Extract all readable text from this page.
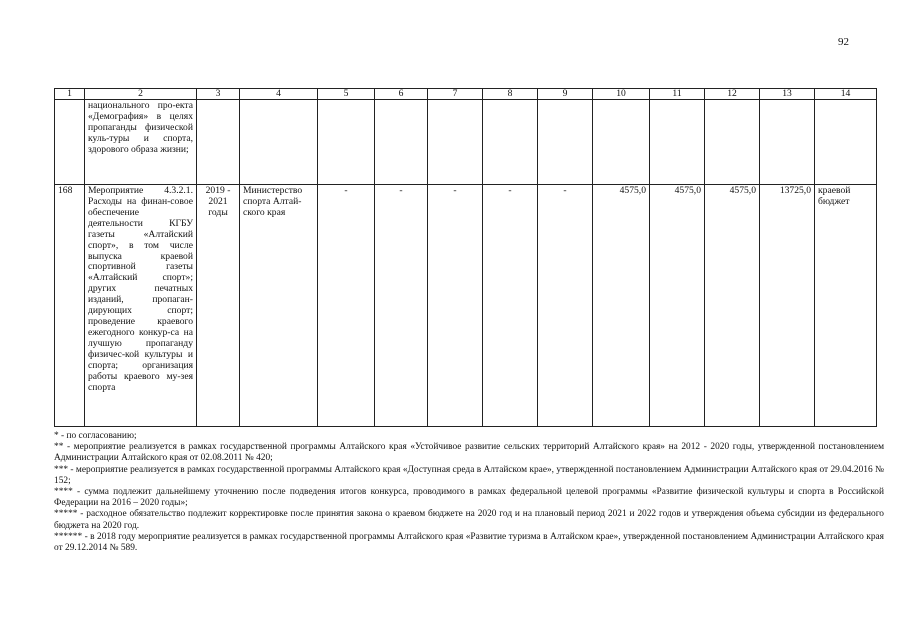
92
1	2	3	4	5	6	7	8	9	10	11	12	13	14
	национального про-екта «Демография» в целях пропаганды физической куль-туры и спорта, здорового образа жизни;												
168	Мероприятие 4.3.2.1. Расходы на финан-совое обеспечение деятельности КГБУ газеты «Алтайский спорт», в том числе выпуска краевой спортивной газеты «Алтайский спорт»; других печатных изданий, пропаган-дирующих спорт; проведение краевого ежегодного конкур-са на лучшую пропаганду физичес-кой культуры и спорта; организация работы краевого му-зея спорта	2019 - 2021 годы	Министерство спорта Алтай-ского края	-	-	-	-	-	4575,0	4575,0	4575,0	13725,0	краевой бюджет

* - по согласованию;

** - мероприятие реализуется в рамках государственной программы Алтайского края «Устойчивое развитие сельских территорий Алтайского края» на 2012 - 2020 годы, утвержденной постановлением Администрации Алтайского края от 02.08.2011 № 420;

*** - мероприятие реализуется в рамках государственной программы Алтайского края «Доступная среда в Алтайском крае», утвержденной постановлением Администрации Алтайского края от 29.04.2016 № 152;

**** - сумма подлежит дальнейшему уточнению после подведения итогов конкурса, проводимого в рамках федеральной целевой программы «Развитие физической культуры и спорта в Российской Федерации на 2016 – 2020 годы»;

***** - расходное обязательство подлежит корректировке после принятия закона о краевом бюджете на 2020 год и на плановый период 2021 и 2022 годов и утверждения объема субсидии из федерального бюджета на 2020 год.

****** - в 2018 году мероприятие реализуется в рамках государственной программы Алтайского края «Развитие туризма в Алтайском крае», утвержденной постановлением Администрации Алтайского края от 29.12.2014 № 589.
